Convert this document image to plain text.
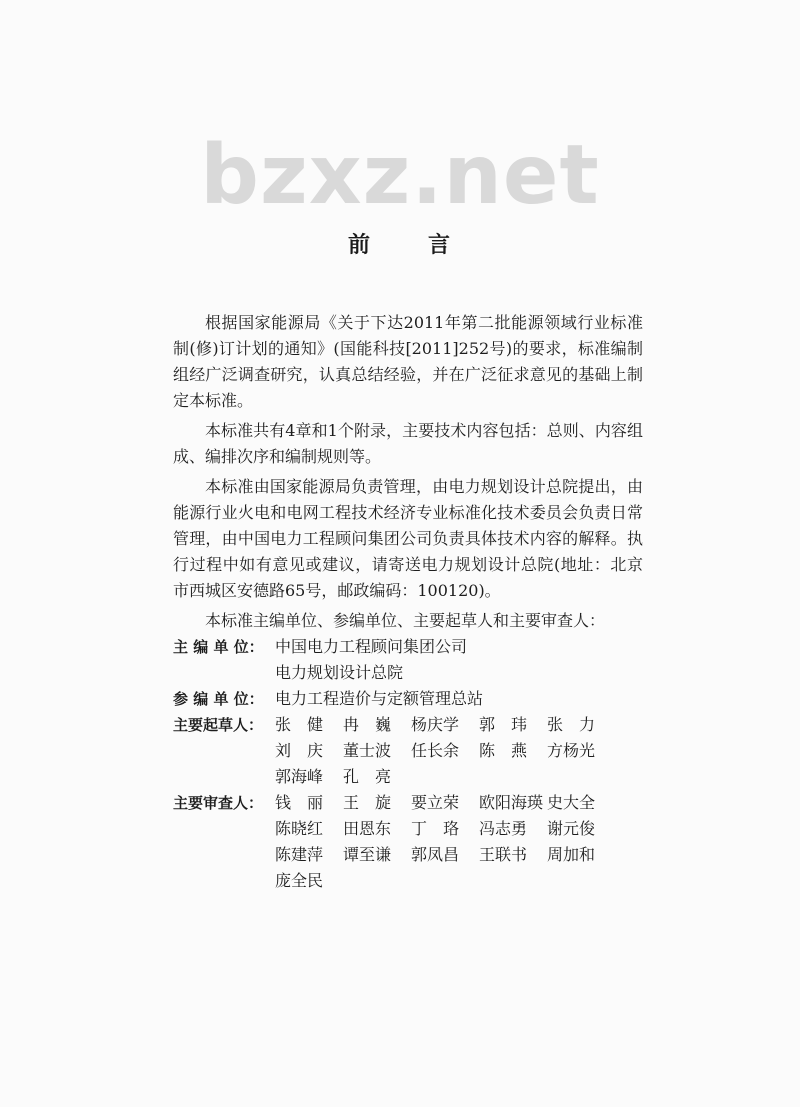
bzxz.net
前	言

根据国家能源局《关于下达2011年第二批能源领域行业标准制(修)订计划的通知》(国能科技[2011]252号)的要求，标准编制组经广泛调查研究，认真总结经验，并在广泛征求意见的基础上制定本标准。

本标准共有4章和1个附录，主要技术内容包括：总则、内容组成、编排次序和编制规则等。

本标准由国家能源局负责管理，由电力规划设计总院提出，由能源行业火电和电网工程技术经济专业标准化技术委员会负责日常管理，由中国电力工程顾问集团公司负责具体技术内容的解释。执行过程中如有意见或建议，请寄送电力规划设计总院(地址：北京市西城区安德路65号，邮政编码：100120)。

本标准主编单位、参编单位、主要起草人和主要审查人：

主 编 单 位： 中国电力工程顾问集团公司
电力规划设计总院
参 编 单 位： 电力工程造价与定额管理总站
主要起草人： 张　健	冉　巍	杨庆学	郭　玮	张　力
刘　庆	董士波	任长余	陈　燕	方杨光
郭海峰	孔　亮
主要审查人： 钱　丽	王　旋	要立荣	欧阳海瑛 史大全
陈晓红	田恩东	丁　珞	冯志勇	谢元俊
陈建萍	谭至谦	郭凤昌	王联书	周加和
庞全民
